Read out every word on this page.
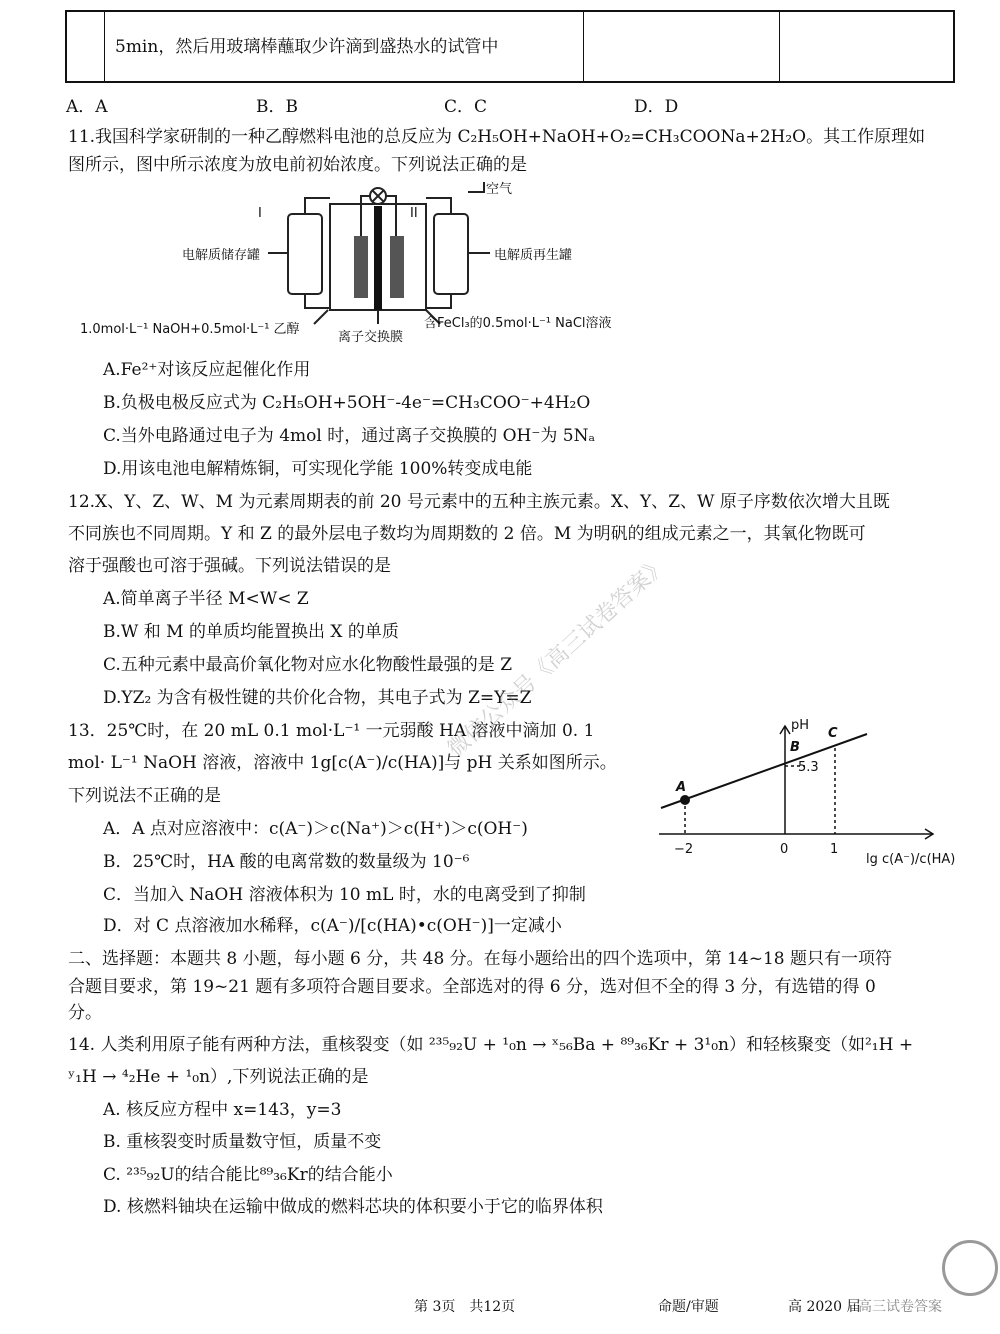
5min，然后用玻璃棒蘸取少许滴到盛热水的试管中
A．A	B．B	C．C	D．D
11.我国科学家研制的一种乙醇燃料电池的总反应为 C₂H₅OH+NaOH+O₂=CH₃COONa+2H₂O。其工作原理如
图所示，图中所示浓度为放电前初始浓度。下列说法正确的是
I	II
空气
电解质储存罐	电解质再生罐
1.0mol·L⁻¹ NaOH+0.5mol·L⁻¹ 乙醇
离子交换膜
含FeCl₃的0.5mol·L⁻¹ NaCl溶液
A.Fe²⁺对该反应起催化作用
B.负极电极反应式为 C₂H₅OH+5OH⁻-4e⁻=CH₃COO⁻+4H₂O
C.当外电路通过电子为 4mol 时，通过离子交换膜的 OH⁻为 5Nₐ
D.用该电池电解精炼铜，可实现化学能 100%转变成电能
12.X、Y、Z、W、M 为元素周期表的前 20 号元素中的五种主族元素。X、Y、Z、W 原子序数依次增大且既
不同族也不同周期。Y 和 Z 的最外层电子数均为周期数的 2 倍。M 为明矾的组成元素之一，其氧化物既可
溶于强酸也可溶于强碱。下列说法错误的是
A.简单离子半径 M<W< Z
B.W 和 M 的单质均能置换出 X 的单质
C.五种元素中最高价氧化物对应水化物酸性最强的是 Z
D.YZ₂ 为含有极性键的共价化合物，其电子式为 Z=Y=Z
13．25℃时，在 20 mL 0.1 mol·L⁻¹ 一元弱酸 HA 溶液中滴加 0. 1
mol· L⁻¹ NaOH 溶液，溶液中 1g[c(A⁻)/c(HA)]与 pH 关系如图所示。
下列说法不正确的是
A．A 点对应溶液中：c(A⁻)＞c(Na⁺)＞c(H⁺)＞c(OH⁻)
B．25℃时，HA 酸的电离常数的数量级为 10⁻⁶
C．当加入 NaOH 溶液体积为 10 mL 时，水的电离受到了抑制
D．对 C 点溶液加水稀释，c(A⁻)/[c(HA)•c(OH⁻)]一定减小
pH
A
B
C
5.3
−2	0	1
lg c(A⁻)/c(HA)
二、选择题：本题共 8 小题，每小题 6 分，共 48 分。在每小题给出的四个选项中，第 14~18 题只有一项符
合题目要求，第 19~21 题有多项符合题目要求。全部选对的得 6 分，选对但不全的得 3 分，有选错的得 0
分。
14. 人类利用原子能有两种方法，重核裂变（如 ²³⁵₉₂U + ¹₀n → ˣ₅₆Ba + ⁸⁹₃₆Kr + 3¹₀n）和轻核聚变（如²₁H +
ʸ₁H → ⁴₂He + ¹₀n）,下列说法正确的是
A. 核反应方程中 x=143，y=3
B. 重核裂变时质量数守恒，质量不变
C. ²³⁵₉₂U的结合能比⁸⁹₃₆Kr的结合能小
D. 核燃料铀块在运输中做成的燃料芯块的体积要小于它的临界体积
微信公众号《高三试卷答案》
第 3页　共12页	命题/审题	高 2020 届
高三试卷答案
